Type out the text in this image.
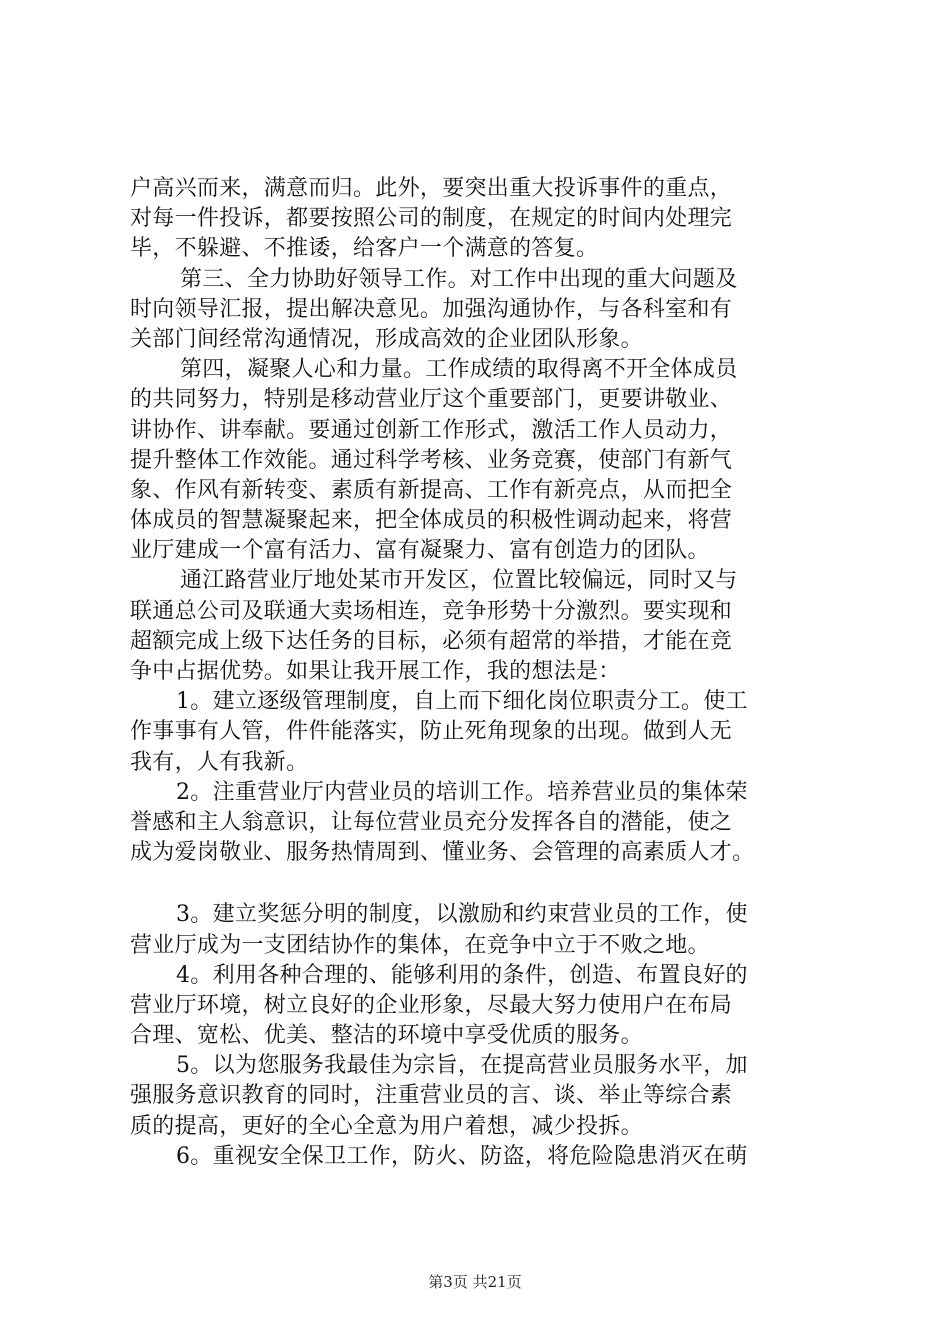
户高兴而来，满意而归。此外，要突出重大投诉事件的重点，
对每一件投诉，都要按照公司的制度，在规定的时间内处理完
毕，不躲避、不推诿，给客户一个满意的答复。
第三、全力协助好领导工作。对工作中出现的重大问题及
时向领导汇报，提出解决意见。加强沟通协作，与各科室和有
关部门间经常沟通情况，形成高效的企业团队形象。
第四，凝聚人心和力量。工作成绩的取得离不开全体成员
的共同努力，特别是移动营业厅这个重要部门，更要讲敬业、
讲协作、讲奉献。要通过创新工作形式，激活工作人员动力，
提升整体工作效能。通过科学考核、业务竞赛，使部门有新气
象、作风有新转变、素质有新提高、工作有新亮点，从而把全
体成员的智慧凝聚起来，把全体成员的积极性调动起来，将营
业厅建成一个富有活力、富有凝聚力、富有创造力的团队。
通江路营业厅地处某市开发区，位置比较偏远，同时又与
联通总公司及联通大卖场相连，竞争形势十分激烈。要实现和
超额完成上级下达任务的目标，必须有超常的举措，才能在竞
争中占据优势。如果让我开展工作，我的想法是：
1。建立逐级管理制度，自上而下细化岗位职责分工。使工
作事事有人管，件件能落实，防止死角现象的出现。做到人无
我有，人有我新。
2。注重营业厅内营业员的培训工作。培养营业员的集体荣
誉感和主人翁意识，让每位营业员充分发挥各自的潜能，使之
成为爱岗敬业、服务热情周到、懂业务、会管理的高素质人才。
3。建立奖惩分明的制度，以激励和约束营业员的工作，使
营业厅成为一支团结协作的集体，在竞争中立于不败之地。
4。利用各种合理的、能够利用的条件，创造、布置良好的
营业厅环境，树立良好的企业形象，尽最大努力使用户在布局
合理、宽松、优美、整洁的环境中享受优质的服务。
5。以为您服务我最佳为宗旨，在提高营业员服务水平，加
强服务意识教育的同时，注重营业员的言、谈、举止等综合素
质的提高，更好的全心全意为用户着想，减少投拆。
6。重视安全保卫工作，防火、防盗，将危险隐患消灭在萌
第3页 共21页
